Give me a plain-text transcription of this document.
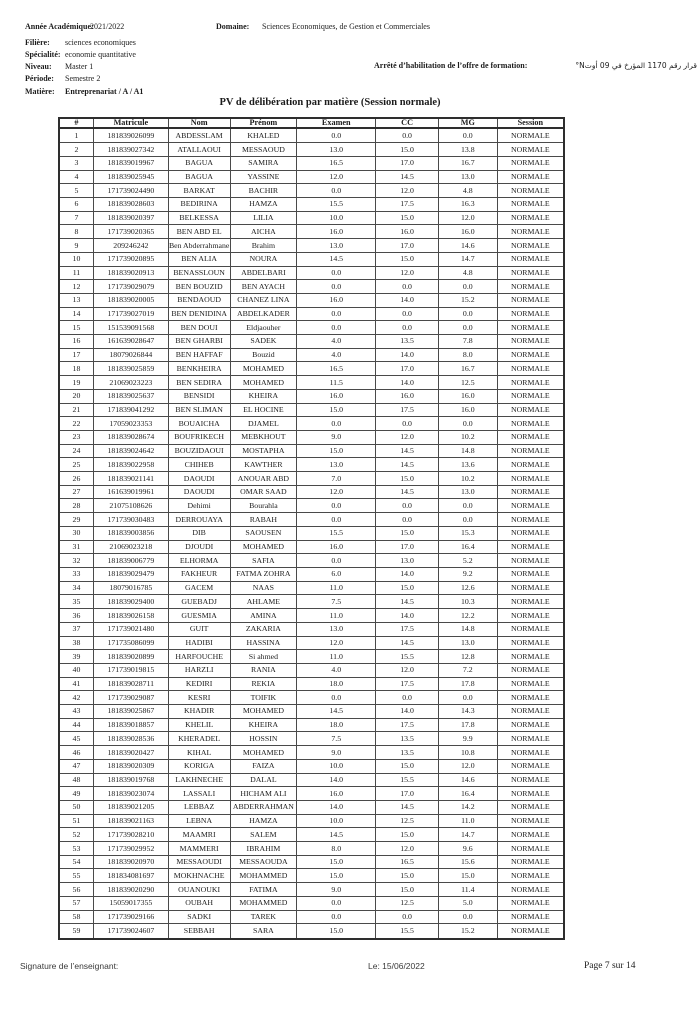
Année Académique: 2021/2022
Filière: sciences economiques
Spécialité: economie quantitative
Niveau: Master 1
Période: Semestre 2
Matière: Entreprenariat / A / A1
Domaine: Sciences Economiques, de Gestion et Commerciales
Arrêté d’habilitation de l’offre de formation:	قرار رقم 1170 المؤرخ في 09 أوتN°
PV de délibération par matière (Session normale)
#	Matricule	Nom	Prénom	Examen	CC	MG	Session
1	181839026099	ABDESSLAM	KHALED	0.0	0.0	0.0	NORMALE
2	181839027342	ATALLAOUI	MESSAOUD	13.0	15.0	13.8	NORMALE
3	181839019967	BAGUA	SAMIRA	16.5	17.0	16.7	NORMALE
4	181839025945	BAGUA	YASSINE	12.0	14.5	13.0	NORMALE
5	171739024490	BARKAT	BACHIR	0.0	12.0	4.8	NORMALE
6	181839028603	BEDIRINA	HAMZA	15.5	17.5	16.3	NORMALE
7	181839020397	BELKESSA	LILIA	10.0	15.0	12.0	NORMALE
8	171739020365	BEN ABD EL	AICHA	16.0	16.0	16.0	NORMALE
9	209246242	Ben Abderrahmane	Brahim	13.0	17.0	14.6	NORMALE
10	171739020895	BEN ALIA	NOURA	14.5	15.0	14.7	NORMALE
11	181839020913	BENASSLOUN	ABDELBARI	0.0	12.0	4.8	NORMALE
12	171739029079	BEN BOUZID	BEN AYACH	0.0	0.0	0.0	NORMALE
13	181839020005	BENDAOUD	CHANEZ LINA	16.0	14.0	15.2	NORMALE
14	171739027019	BEN DENIDINA	ABDELKADER	0.0	0.0	0.0	NORMALE
15	151539091568	BEN DOUI	Eldjaouher	0.0	0.0	0.0	NORMALE
16	161639028647	BEN GHARBI	SADEK	4.0	13.5	7.8	NORMALE
17	18079026844	BEN HAFFAF	Bouzid	4.0	14.0	8.0	NORMALE
18	181839025859	BENKHEIRA	MOHAMED	16.5	17.0	16.7	NORMALE
19	21069023223	BEN SEDIRA	MOHAMED	11.5	14.0	12.5	NORMALE
20	181839025637	BENSIDI	KHEIRA	16.0	16.0	16.0	NORMALE
21	171839041292	BEN SLIMAN	EL HOCINE	15.0	17.5	16.0	NORMALE
22	17059023353	BOUAICHA	DJAMEL	0.0	0.0	0.0	NORMALE
23	181839028674	BOUFRIKECH	MEBKHOUT	9.0	12.0	10.2	NORMALE
24	181839024642	BOUZIDAOUI	MOSTAPHA	15.0	14.5	14.8	NORMALE
25	181839022958	CHIHEB	KAWTHER	13.0	14.5	13.6	NORMALE
26	181839021141	DAOUDI	ANOUAR ABD	7.0	15.0	10.2	NORMALE
27	161639019961	DAOUDI	OMAR SAAD	12.0	14.5	13.0	NORMALE
28	21075108626	Dehimi	Bourahla	0.0	0.0	0.0	NORMALE
29	171739030483	DERROUAYA	RABAH	0.0	0.0	0.0	NORMALE
30	181839003856	DIB	SAOUSEN	15.5	15.0	15.3	NORMALE
31	21069023218	DJOUDI	MOHAMED	16.0	17.0	16.4	NORMALE
32	181839006779	ELHORMA	SAFIA	0.0	13.0	5.2	NORMALE
33	181839029479	FAKHEUR	FATMA ZOHRA	6.0	14.0	9.2	NORMALE
34	18079016785	GACEM	NAAS	11.0	15.0	12.6	NORMALE
35	181839029400	GUEBADJ	AHLAME	7.5	14.5	10.3	NORMALE
36	181839026158	GUESMIA	AMINA	11.0	14.0	12.2	NORMALE
37	171739021480	GUIT	ZAKARIA	13.0	17.5	14.8	NORMALE
38	171735086099	HADIBI	HASSINA	12.0	14.5	13.0	NORMALE
39	181839020899	HARFOUCHE	Si ahmed	11.0	15.5	12.8	NORMALE
40	171739019815	HARZLI	RANIA	4.0	12.0	7.2	NORMALE
41	181839028711	KEDIRI	REKIA	18.0	17.5	17.8	NORMALE
42	171739029087	KESRI	TOIFIK	0.0	0.0	0.0	NORMALE
43	181839025867	KHADIR	MOHAMED	14.5	14.0	14.3	NORMALE
44	181839018857	KHELIL	KHEIRA	18.0	17.5	17.8	NORMALE
45	181839028536	KHERADEL	HOSSIN	7.5	13.5	9.9	NORMALE
46	181839020427	KIHAL	MOHAMED	9.0	13.5	10.8	NORMALE
47	181839020309	KORIGA	FAIZA	10.0	15.0	12.0	NORMALE
48	181839019768	LAKHNECHE	DALAL	14.0	15.5	14.6	NORMALE
49	181839023074	LASSALI	HICHAM ALI	16.0	17.0	16.4	NORMALE
50	181839021205	LEBBAZ	ABDERRAHMAN	14.0	14.5	14.2	NORMALE
51	181839021163	LEBNA	HAMZA	10.0	12.5	11.0	NORMALE
52	171739028210	MAAMRI	SALEM	14.5	15.0	14.7	NORMALE
53	171739029952	MAMMERI	IBRAHIM	8.0	12.0	9.6	NORMALE
54	181839020970	MESSAOUDI	MESSAOUDA	15.0	16.5	15.6	NORMALE
55	181834081697	MOKHNACHE	MOHAMMED	15.0	15.0	15.0	NORMALE
56	181839020290	OUANOUKI	FATIMA	9.0	15.0	11.4	NORMALE
57	15059017355	OUBAH	MOHAMMED	0.0	12.5	5.0	NORMALE
58	171739029166	SADKI	TAREK	0.0	0.0	0.0	NORMALE
59	171739024607	SEBBAH	SARA	15.0	15.5	15.2	NORMALE
Signature de l’enseignant:	Le: 15/06/2022	Page 7 sur 14
